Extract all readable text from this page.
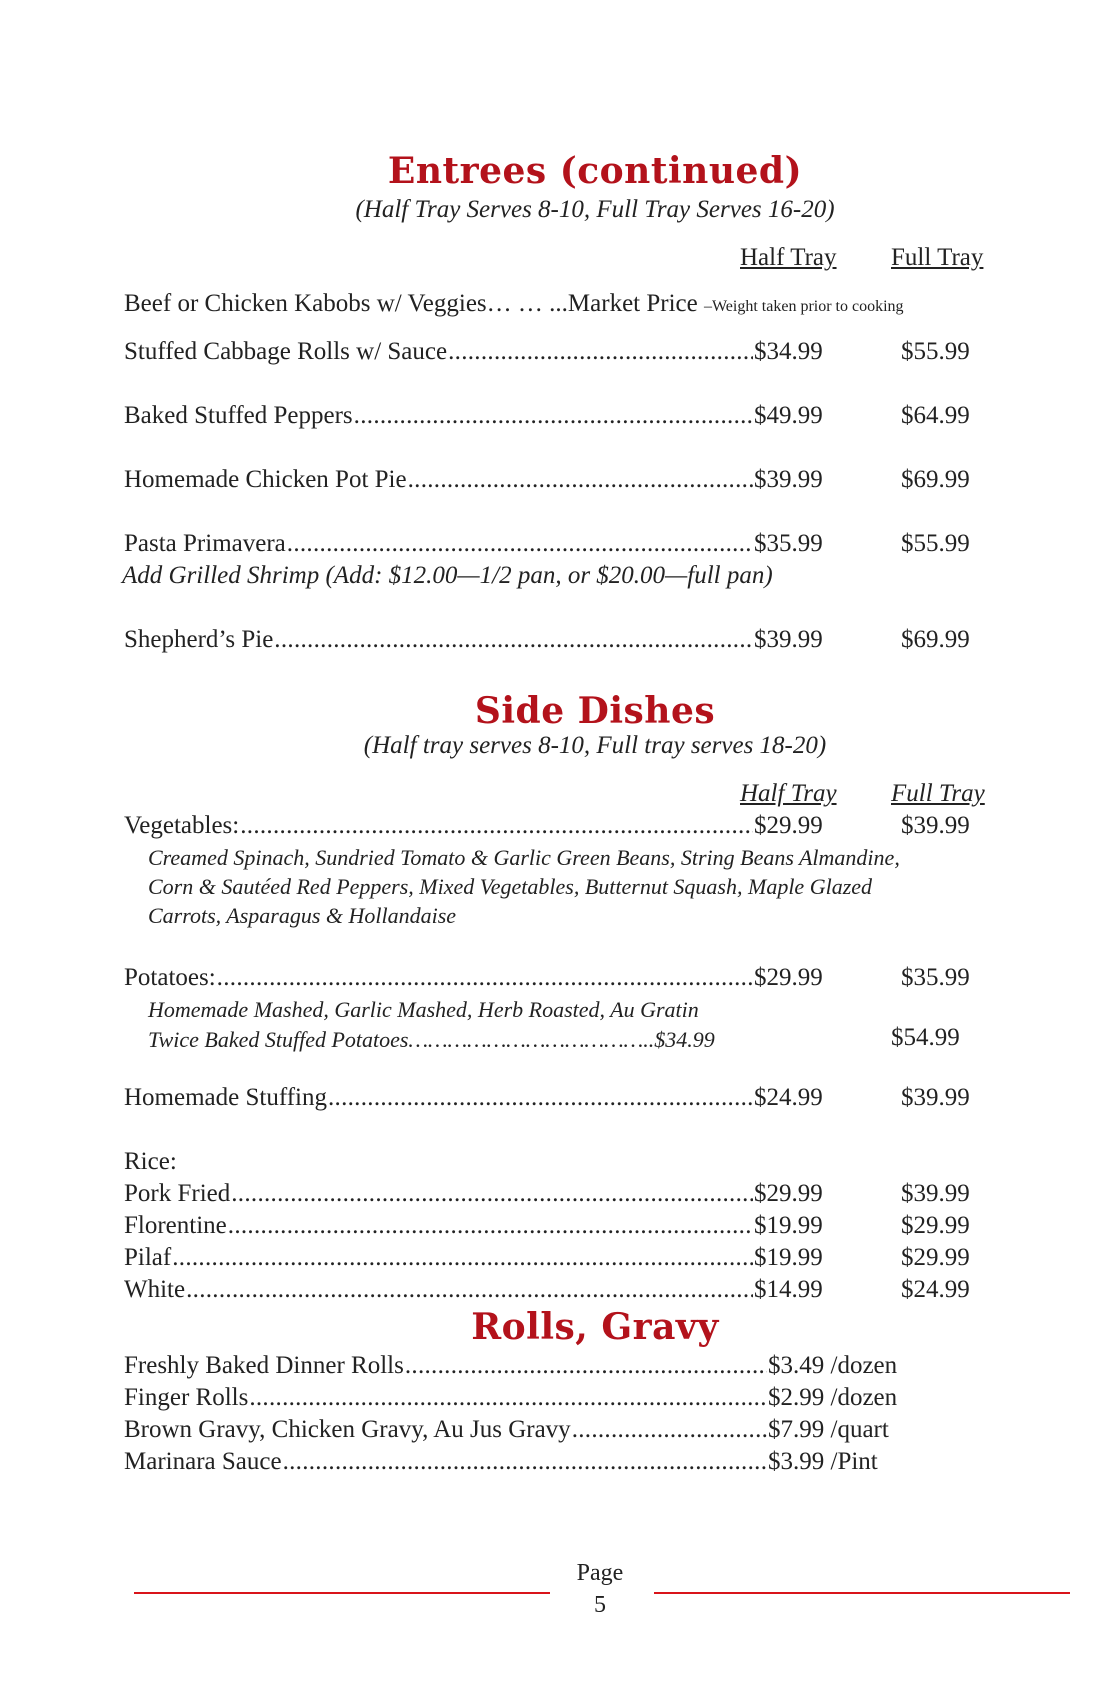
Entrees (continued)
(Half Tray Serves 8-10, Full Tray Serves 16-20)
Half Tray Full Tray
Beef or Chicken Kabobs w/ Veggies… … ...Market Price –Weight taken prior to cooking
Stuffed Cabbage Rolls w/ Sauce .....	$34.99	$55.99
Baked Stuffed Peppers .....	$49.99	$64.99
Homemade Chicken Pot Pie .....	$39.99	$69.99
Pasta Primavera .....	$35.99	$55.99
Add Grilled Shrimp (Add: $12.00—1/2 pan, or $20.00—full pan)
Shepherd’s Pie .....	$39.99	$69.99
Side Dishes
(Half tray serves 8-10, Full tray serves 18-20)
Half Tray Full Tray
Vegetables: .....	$29.99	$39.99
Creamed Spinach, Sundried Tomato & Garlic Green Beans, String Beans Almandine,
Corn & Sautéed Red Peppers, Mixed Vegetables, Butternut Squash, Maple Glazed
Carrots, Asparagus & Hollandaise
Potatoes: .....	$29.99	$35.99
Homemade Mashed, Garlic Mashed, Herb Roasted, Au Gratin
Twice Baked Stuffed Potatoes………………………………..$34.99	$54.99
Homemade Stuffing .....	$24.99	$39.99
Rice:
Pork Fried .....	$29.99	$39.99
Florentine .....	$19.99	$29.99
Pilaf .....	$19.99	$29.99
White .....	$14.99	$24.99
Rolls, Gravy
Freshly Baked Dinner Rolls .....	$3.49 /dozen
Finger Rolls .....	$2.99 /dozen
Brown Gravy, Chicken Gravy, Au Jus Gravy .....	$7.99 /quart
Marinara Sauce .....	$3.99 /Pint
Page
5
